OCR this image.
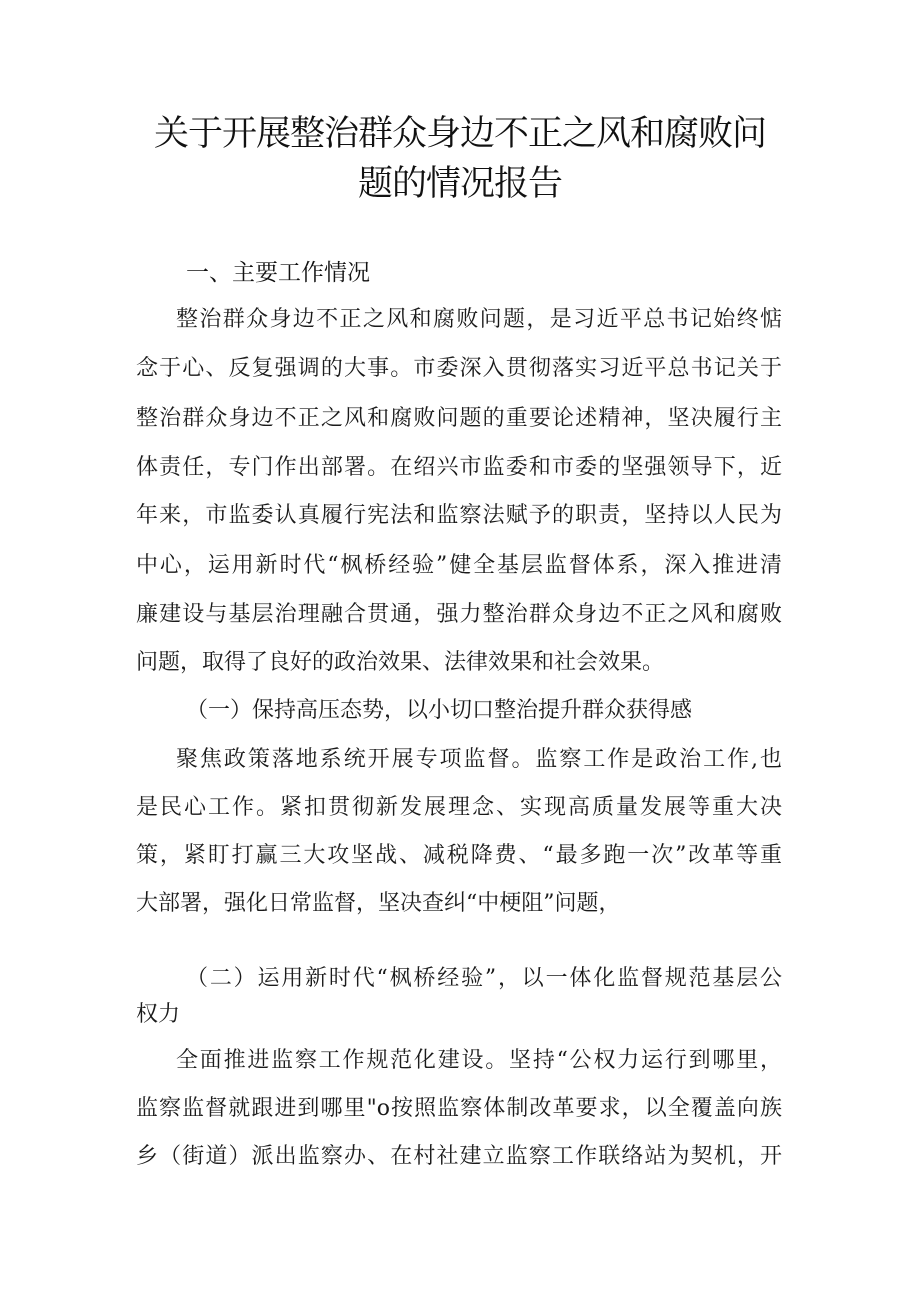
关于开展整治群众身边不正之风和腐败问
题的情况报告
一、主要工作情况

整治群众身边不正之风和腐败问题，是习近平总书记始终惦

念于心、反复强调的大事。市委深入贯彻落实习近平总书记关于

整治群众身边不正之风和腐败问题的重要论述精神，坚决履行主

体责任，专门作出部署。在绍兴市监委和市委的坚强领导下，近

年来，市监委认真履行宪法和监察法赋予的职责，坚持以人民为

中心，运用新时代“枫桥经验”健全基层监督体系，深入推进清

廉建设与基层治理融合贯通，强力整治群众身边不正之风和腐败

问题，取得了良好的政治效果、法律效果和社会效果。

（一）保持高压态势，以小切口整治提升群众获得感

聚焦政策落地系统开展专项监督。监察工作是政治工作,也

是民心工作。紧扣贯彻新发展理念、实现高质量发展等重大决

策，紧盯打赢三大攻坚战、减税降费、“最多跑一次”改革等重

大部署，强化日常监督，坚决查纠“中梗阻”问题，

（二）运用新时代“枫桥经验”，以一体化监督规范基层公

权力

全面推进监察工作规范化建设。坚持“公权力运行到哪里，

监察监督就跟进到哪里"o按照监察体制改革要求，以全覆盖向族

乡（街道）派出监察办、在村社建立监察工作联络站为契机，开
